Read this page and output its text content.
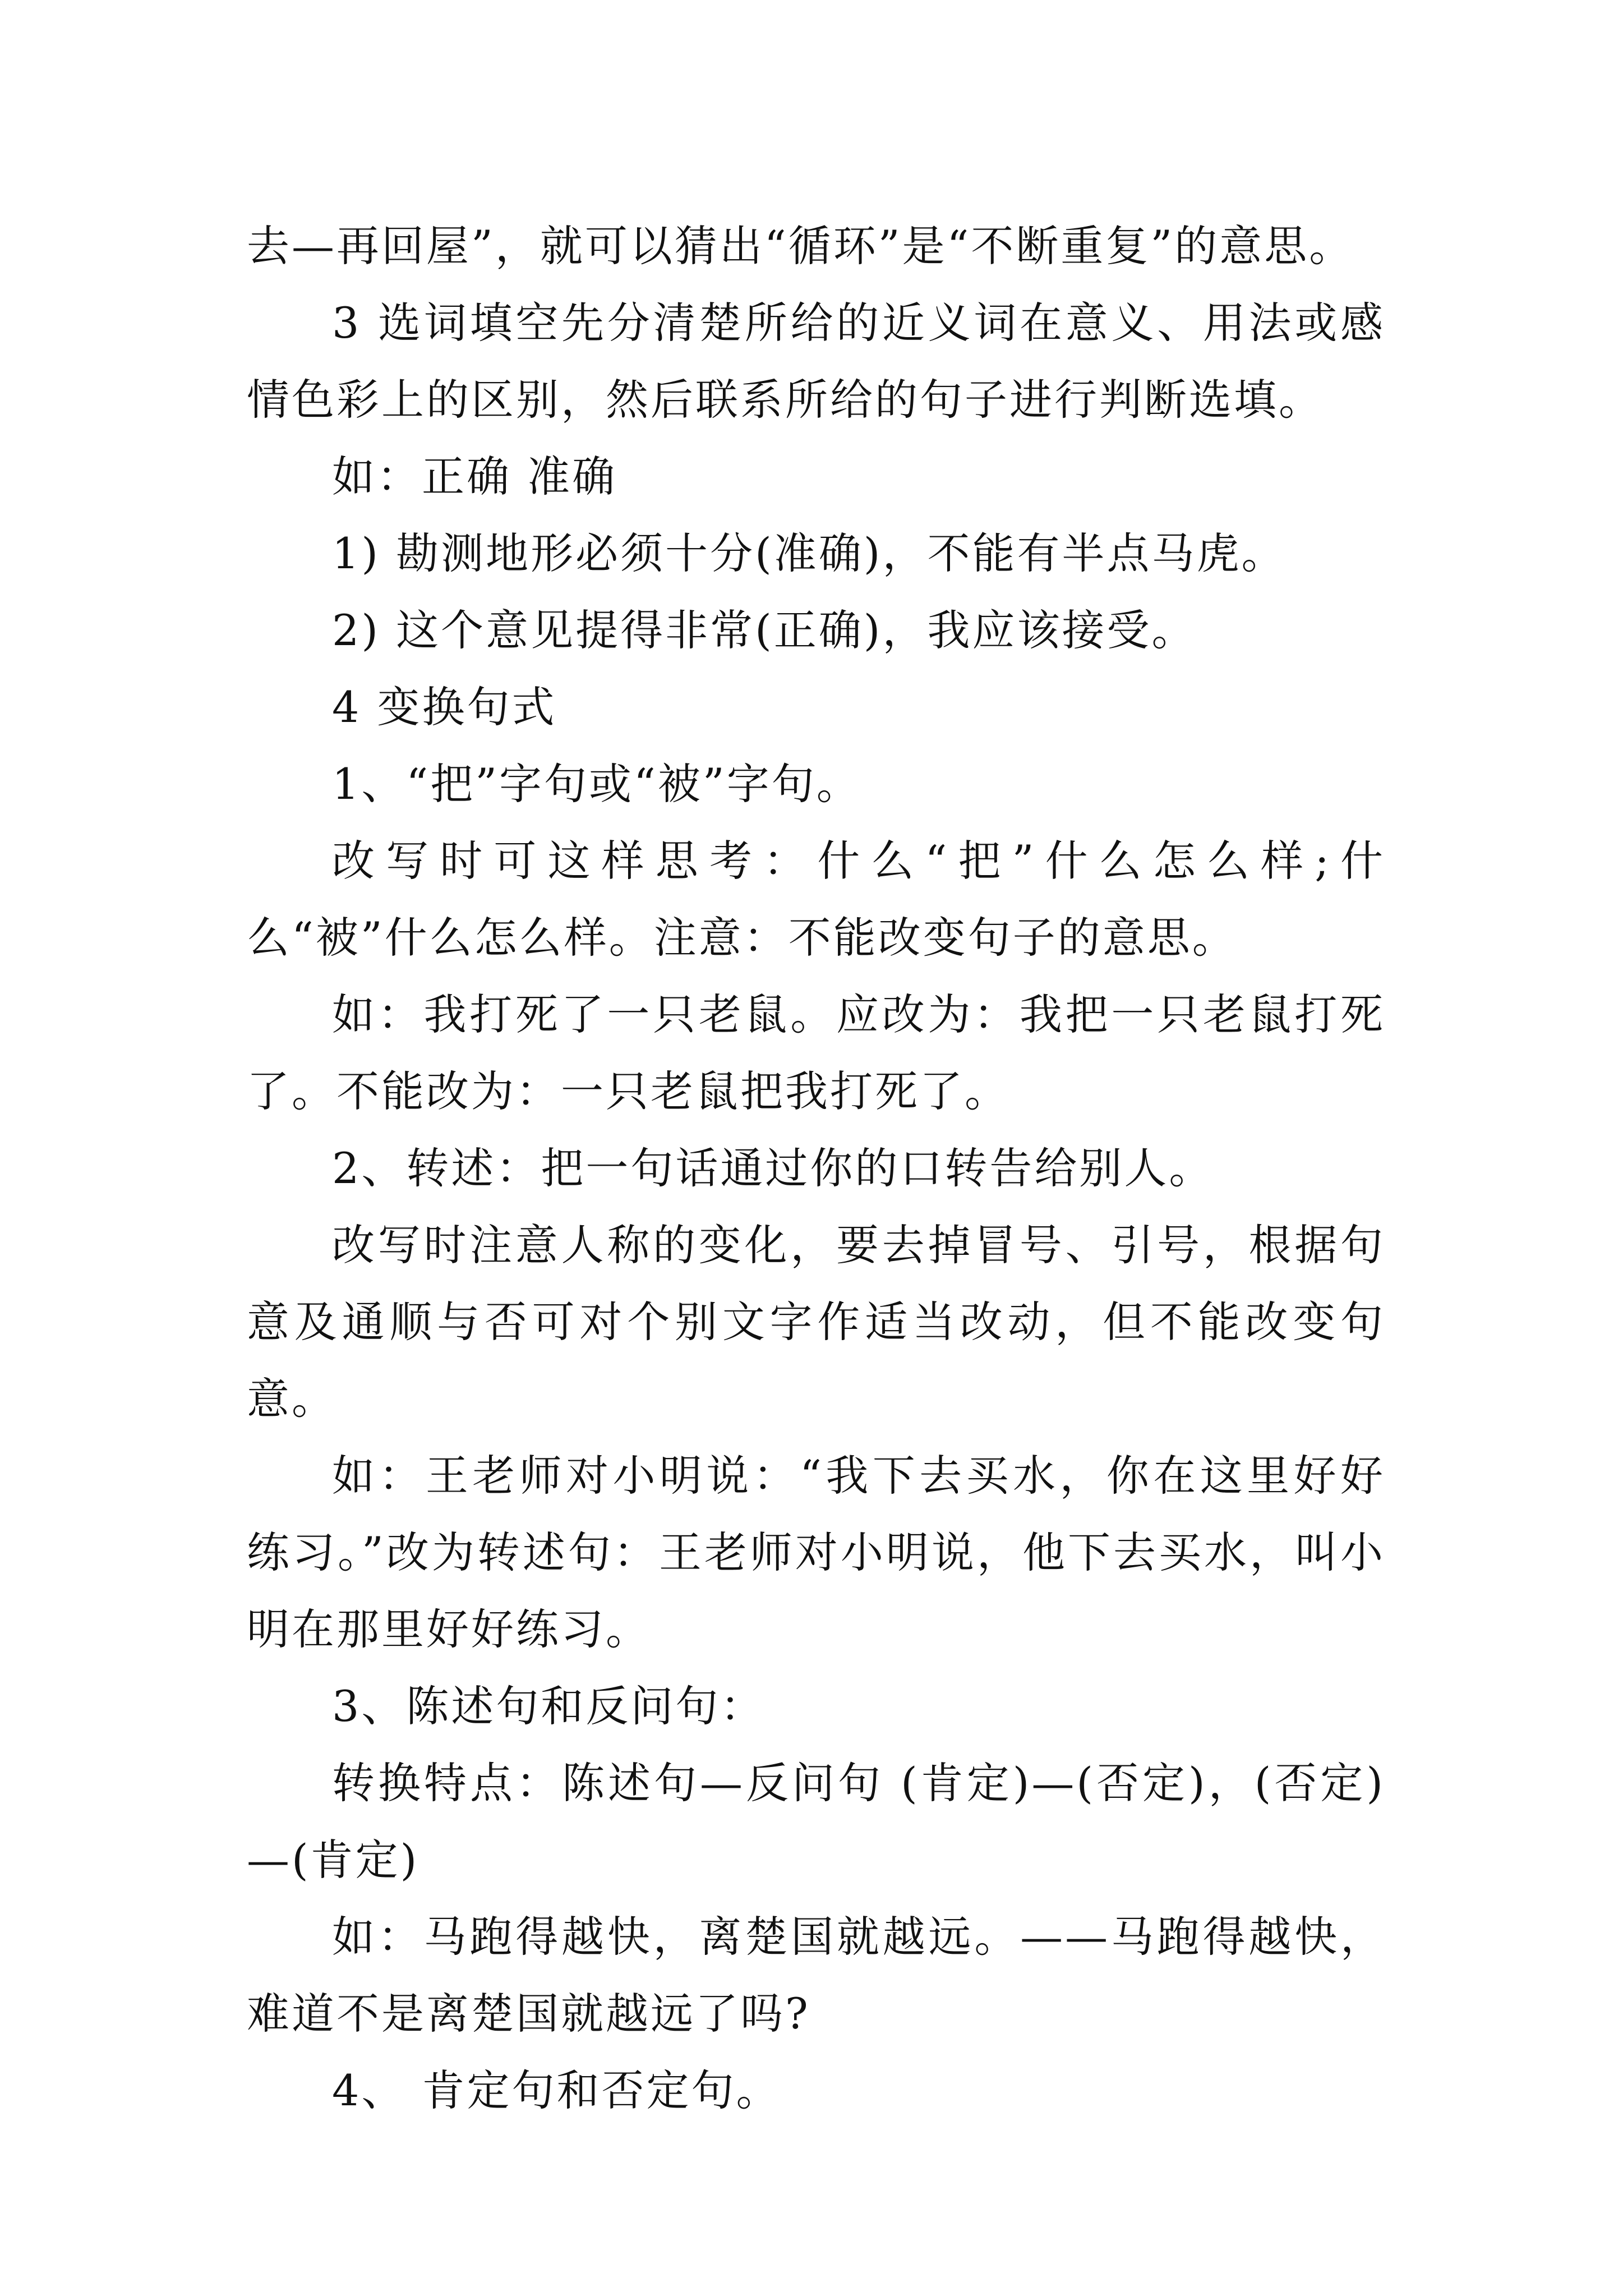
去—再回屋”，就可以猜出“循环”是“不断重复”的意思。

3 选词填空先分清楚所给的近义词在意义、用法或感情色彩上的区别，然后联系所给的句子进行判断选填。

如：正确 准确

1) 勘测地形必须十分(准确)，不能有半点马虎。

2) 这个意见提得非常(正确)，我应该接受。

4 变换句式

1、“把”字句或“被”字句。

改写时可这样思考：什么“把”什么怎么样;什么“被”什么怎么样。注意：不能改变句子的意思。

如：我打死了一只老鼠。应改为：我把一只老鼠打死了。不能改为：一只老鼠把我打死了。

2、转述：把一句话通过你的口转告给别人。

改写时注意人称的变化，要去掉冒号、引号，根据句意及通顺与否可对个别文字作适当改动，但不能改变句意。

如：王老师对小明说：“我下去买水，你在这里好好练习。”改为转述句：王老师对小明说，他下去买水，叫小明在那里好好练习。

3、陈述句和反问句：

转换特点：陈述句—反问句 (肯定)—(否定)，(否定)—(肯定)

如：马跑得越快，离楚国就越远。——马跑得越快，难道不是离楚国就越远了吗?

4、 肯定句和否定句。
